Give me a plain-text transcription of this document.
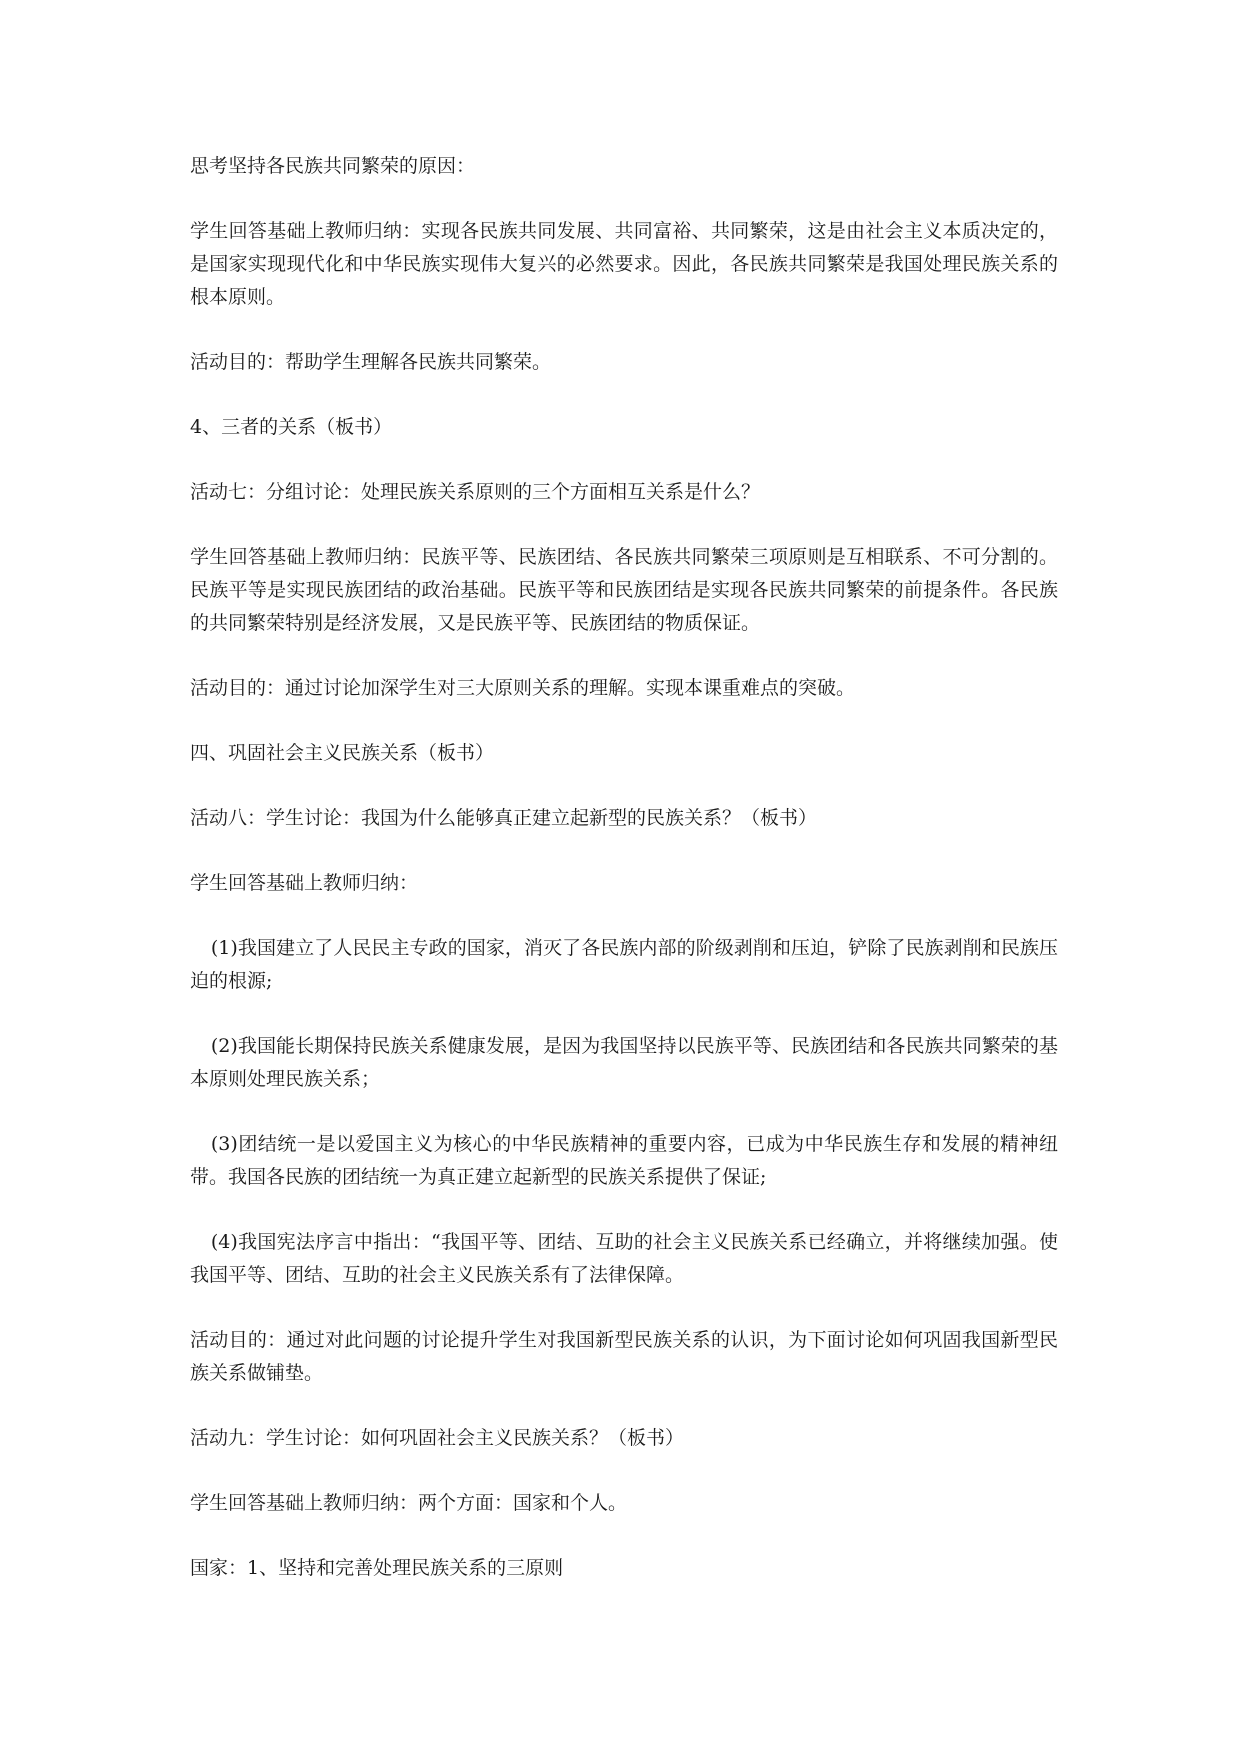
思考坚持各民族共同繁荣的原因：

学生回答基础上教师归纳：实现各民族共同发展、共同富裕、共同繁荣，这是由社会主义本质决定的，是国家实现现代化和中华民族实现伟大复兴的必然要求。因此，各民族共同繁荣是我国处理民族关系的根本原则。

活动目的：帮助学生理解各民族共同繁荣。

4、三者的关系（板书）

活动七：分组讨论：处理民族关系原则的三个方面相互关系是什么？

学生回答基础上教师归纳：民族平等、民族团结、各民族共同繁荣三项原则是互相联系、不可分割的。民族平等是实现民族团结的政治基础。民族平等和民族团结是实现各民族共同繁荣的前提条件。各民族的共同繁荣特别是经济发展，又是民族平等、民族团结的物质保证。

活动目的：通过讨论加深学生对三大原则关系的理解。实现本课重难点的突破。

四、巩固社会主义民族关系（板书）

活动八：学生讨论：我国为什么能够真正建立起新型的民族关系？（板书）

学生回答基础上教师归纳：

(1)我国建立了人民民主专政的国家，消灭了各民族内部的阶级剥削和压迫，铲除了民族剥削和民族压迫的根源;

(2)我国能长期保持民族关系健康发展，是因为我国坚持以民族平等、民族团结和各民族共同繁荣的基本原则处理民族关系；

(3)团结统一是以爱国主义为核心的中华民族精神的重要内容，已成为中华民族生存和发展的精神纽带。我国各民族的团结统一为真正建立起新型的民族关系提供了保证;

(4)我国宪法序言中指出：“我国平等、团结、互助的社会主义民族关系已经确立，并将继续加强。使我国平等、团结、互助的社会主义民族关系有了法律保障。

活动目的：通过对此问题的讨论提升学生对我国新型民族关系的认识，为下面讨论如何巩固我国新型民族关系做铺垫。

活动九：学生讨论：如何巩固社会主义民族关系？（板书）

学生回答基础上教师归纳：两个方面：国家和个人。

国家：1、坚持和完善处理民族关系的三原则
